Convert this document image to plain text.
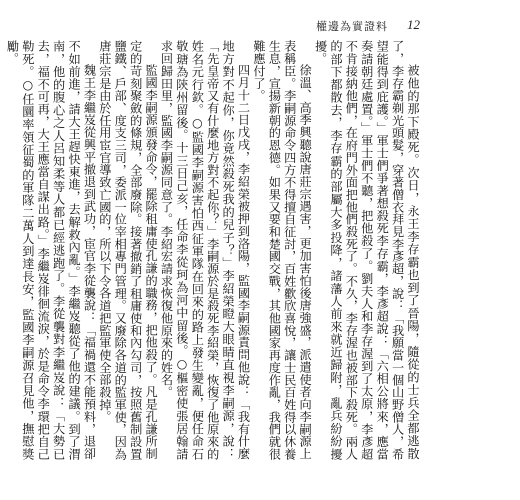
權邊為實證料 12

被他的那下殿死。次日，永王李存霸也到了晉陽，隨從的士兵全都逃散了，李存霸剃光頭髮，穿著僧衣拜見李彥超，說：「我願當一個山野僧人，希望能得到庇護。」軍士們爭著想殺死李存霸，李彥超說：「六相公將來，應當奏請朝廷處置。」軍士們不聽，把他殺了。劉夫人和李存渥到了太原，李彥超不肯接納他們，在府門外面把他們殺死了。不久，李存渥也被部下殺死。兩人的部下都散去，李存霸的部屬大多投降，諸藩人前來就近歸附，亂兵紛紛擾擾。

徐溫、高季興聽說唐莊宗遇害，更加害怕後唐強盛，派遣使者向李嗣源上表稱臣。李嗣源命令四方不得擅自征討，百姓歡欣喜悅，讓士民百姓得以休養生息，宣揚新朝的恩德。如果又要和楚國交戰，其他國家再度作亂，我們就很難應付了。

四月十二日戊戌，李紹榮被押到洛陽，監國李嗣源責問他說：「我有什麼地方對不起你，你竟然殺死我的兒子？」李紹榮瞪大眼睛直視李嗣源，說：「先皇帝又有什麼地方對不起你？」李嗣源於是殺死李紹榮，恢復了他原來的姓名元行欽。○監國李嗣源害怕西征軍隊在回來的路上發生變亂，便任命石敬瑭為陝州留後。十三日己亥，任命李從珂為河中留後。○樞密使張居翰請求回歸田里，監國李嗣源同意了。李紹宏請求恢復他原來的姓名。

監國李嗣源頒發命令，罷除租庸使孔謙的職務，把他殺了。凡是孔謙所制定的苛刻聚斂的條規，全部廢除。接著撤銷了租庸使和內勾司，按照舊制設置鹽鐵、戶部、度支三司，委派一位宰相專門管理。又廢除各道的監軍使，因為唐莊宗是由於任用宦官導致亡國的，所以下令各道把監軍使全部殺掉。

魏王李繼岌從興平撤退到武功，宦官李從襲說：「福禍還不能預料，退卻不如前進，請大王趕快東進，去解救內亂。」李繼岌聽從了他的建議。到了渭南，他的腹心之人呂知柔等人都已經逃跑了。李從襲對李繼岌說：「大勢已去，福不可再，大王應當自謀出路。」李繼岌徘徊流淚，於是命令李環把自己勒死。○任圜率領征蜀的軍隊二萬人到達長安，監國李嗣源召見他，撫慰獎勵。
